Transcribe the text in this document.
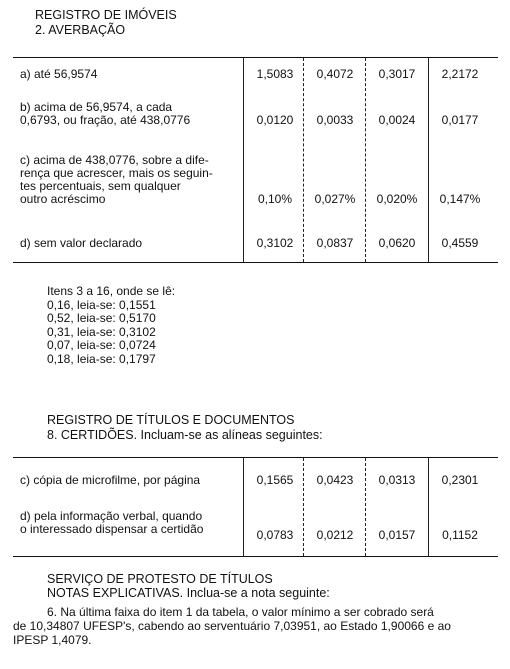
REGISTRO DE IMÓVEIS
2. AVERBAÇÃO
a) até 56,9574	1,5083	0,4072	0,3017	2,2172
b) acima de 56,9574, a cada
0,6793, ou fração, até 438,0776	0,0120	0,0033	0,0024	0,0177
c) acima de 438,0776, sobre a dife-
rença que acrescer, mais os seguin-
tes percentuais, sem qualquer
outro acréscimo	0,10%	0,027%	0,020%	0,147%
d) sem valor declarado	0,3102	0,0837	0,0620	0,4559
Itens 3 a 16, onde se lê:
0,16, leia-se: 0,1551
0,52, leia-se: 0,5170
0,31, leia-se: 0,3102
0,07, leia-se: 0,0724
0,18, leia-se: 0,1797
REGISTRO DE TÍTULOS E DOCUMENTOS
8. CERTIDÕES. Incluam-se as alíneas seguintes:
c) cópia de microfilme, por página	0,1565	0,0423	0,0313	0,2301
d) pela informação verbal, quando
o interessado dispensar a certidão	0,0783	0,0212	0,0157	0,1152
SERVIÇO DE PROTESTO DE TÍTULOS
NOTAS EXPLICATIVAS. Inclua-se a nota seguinte:
6. Na última faixa do item 1 da tabela, o valor mínimo a ser cobrado será
de 10,34807 UFESP's, cabendo ao serventuário 7,03951, ao Estado 1,90066 e ao
IPESP 1,4079.
